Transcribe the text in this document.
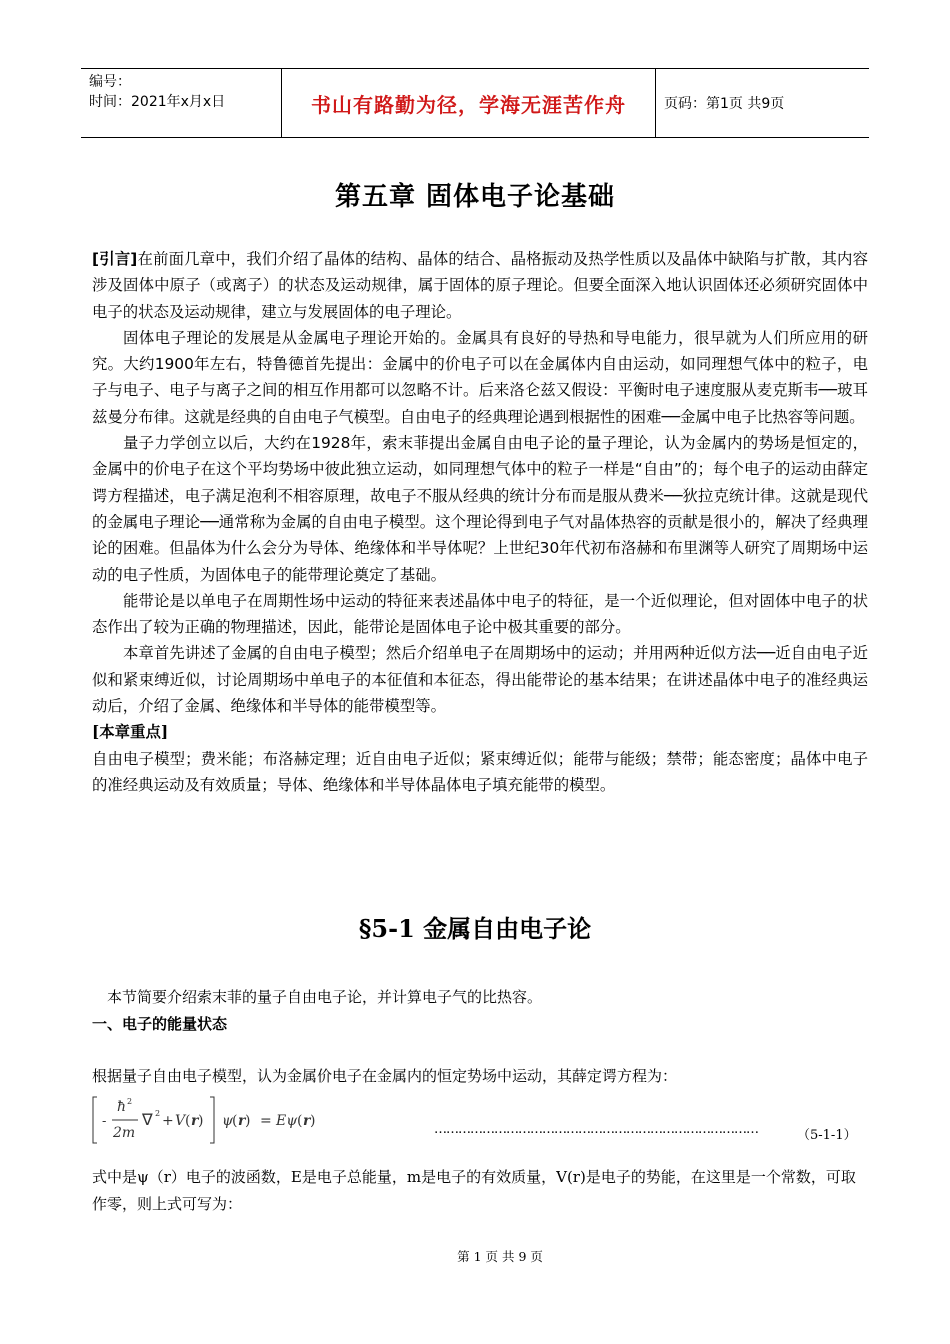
编号：
时间：2021年x月x日	书山有路勤为径，学海无涯苦作舟	页码：第1页 共9页
第五章 固体电子论基础

[引言]在前面几章中，我们介绍了晶体的结构、晶体的结合、晶格振动及热学性质以及晶体中缺陷与扩散，其内容涉及固体中原子（或离子）的状态及运动规律，属于固体的原子理论。但要全面深入地认识固体还必须研究固体中电子的状态及运动规律，建立与发展固体的电子理论。

固体电子理论的发展是从金属电子理论开始的。金属具有良好的导热和导电能力，很早就为人们所应用的研究。大约1900年左右，特鲁德首先提出：金属中的价电子可以在金属体内自由运动，如同理想气体中的粒子，电子与电子、电子与离子之间的相互作用都可以忽略不计。后来洛仑兹又假设：平衡时电子速度服从麦克斯韦──玻耳兹曼分布律。这就是经典的自由电子气模型。自由电子的经典理论遇到根据性的困难──金属中电子比热容等问题。

量子力学创立以后，大约在1928年，索末菲提出金属自由电子论的量子理论，认为金属内的势场是恒定的，金属中的价电子在这个平均势场中彼此独立运动，如同理想气体中的粒子一样是“自由”的；每个电子的运动由薛定谔方程描述，电子满足泡利不相容原理，故电子不服从经典的统计分布而是服从费米──狄拉克统计律。这就是现代的金属电子理论──通常称为金属的自由电子模型。这个理论得到电子气对晶体热容的贡献是很小的，解决了经典理论的困难。但晶体为什么会分为导体、绝缘体和半导体呢？上世纪30年代初布洛赫和布里渊等人研究了周期场中运动的电子性质，为固体电子的能带理论奠定了基础。

能带论是以单电子在周期性场中运动的特征来表述晶体中电子的特征，是一个近似理论，但对固体中电子的状态作出了较为正确的物理描述，因此，能带论是固体电子论中极其重要的部分。

本章首先讲述了金属的自由电子模型；然后介绍单电子在周期场中的运动；并用两种近似方法──近自由电子近似和紧束缚近似，讨论周期场中单电子的本征值和本征态，得出能带论的基本结果；在讲述晶体中电子的准经典运动后，介绍了金属、绝缘体和半导体的能带模型等。

[本章重点]

自由电子模型；费米能；布洛赫定理；近自由电子近似；紧束缚近似；能带与能级；禁带；能态密度；晶体中电子的准经典运动及有效质量；导体、绝缘体和半导体晶体电子填充能带的模型。

§5-1 金属自由电子论
本节简要介绍索末菲的量子自由电子论，并计算电子气的比热容。
一、电子的能量状态
根据量子自由电子模型，认为金属价电子在金属内的恒定势场中运动，其薛定谔方程为：
-
ħ 2
2m
∇ 2 + V ( r ) ψ ( r ) = Eψ ( r )
………………………………………………………………………	（5-1-1）
式中是ψ（r）电子的波函数，E是电子总能量，m是电子的有效质量，V(r)是电子的势能，在这里是一个常数，可取作零，则上式可写为：
第 1 页 共 9 页
